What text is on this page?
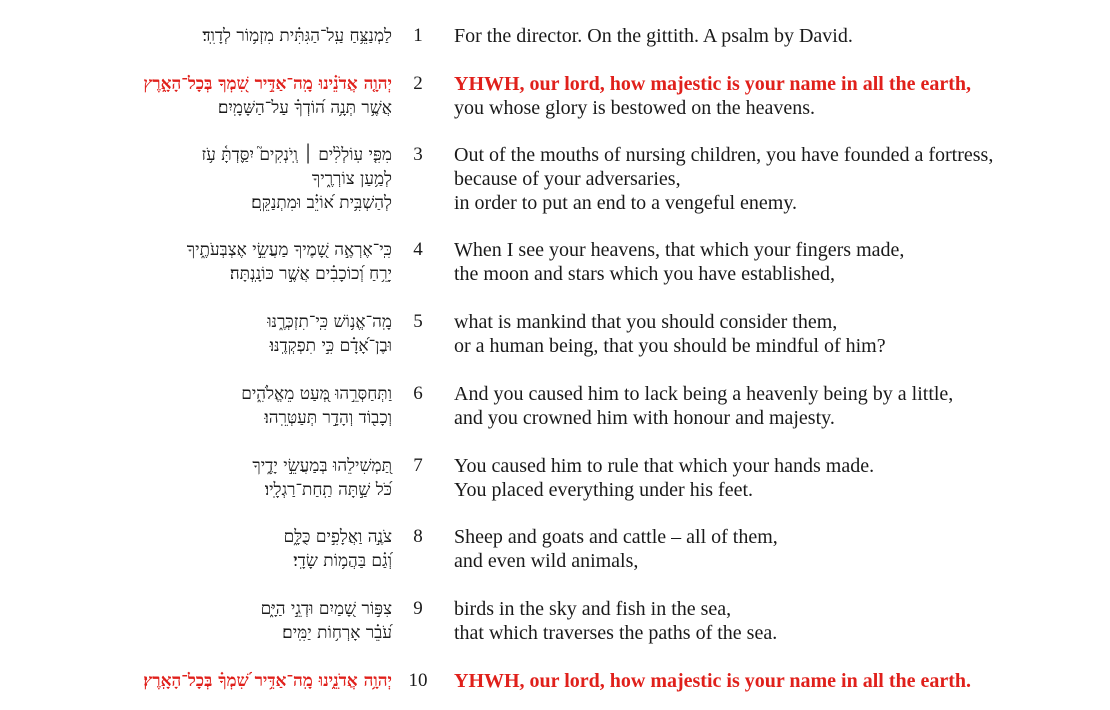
לַמְנַצֵּ֥חַ עַֽל־הַגִּתִּ֗ית מִזְמ֥וֹר לְדָוִֽד׃	1	For the director. On the gittith. A psalm by David.
יְהוָ֤ה אֲדֹנֵ֗ינוּ מָֽה־אַדִּ֣יר שִׁ֭מְךָ בְּכָל־הָאָ֑רֶץ
אֲשֶׁ֥ר תְּנָ֥ה ה֝וֹדְךָ֗ עַל־הַשָּׁמָֽיִם׃
2	YHWH, our lord, how majestic is your name in all the earth,
you whose glory is bestowed on the heavens.
מִפִּ֤י עֽוֹלְלִ֨ים ׀ וְֽיֹנְקִים֮ יִסַּ֪דְתָּ֫ עֹ֥ז
לְמַ֥עַן צוֹרְרֶ֑יךָ
לְהַשְׁבִּ֥ית א֝וֹיֵ֗ב וּמִתְנַקֵּֽם׃
3	Out of the mouths of nursing children, you have founded a fortress,
because of your adversaries,
in order to put an end to a vengeful enemy.
כִּֽי־אֶרְאֶ֣ה שָׁ֭מֶיךָ מַעֲשֵׂ֣י אֶצְבְּעֹתֶ֑יךָ
יָרֵ֥חַ וְ֝כוֹכָבִ֗ים אֲשֶׁ֣ר כּוֹנָֽנְתָּה׃
4	When I see your heavens, that which your fingers made,
the moon and stars which you have established,
מָֽה־אֱנ֥וֹשׁ כִּֽי־תִזְכְּרֶ֑נּוּ
וּבֶן־אָ֝דָ֗ם כִּ֣י תִפְקְדֶֽנּוּ׃
5	what is mankind that you should consider them,
or a human being, that you should be mindful of him?
וַתְּחַסְּרֵ֣הוּ מְּ֭עַט מֵאֱלֹהִ֑ים
וְכָב֖וֹד וְהָדָ֣ר תְּעַטְּרֵֽהוּ׃
6	And you caused him to lack being a heavenly being by a little,
and you crowned him with honour and majesty.
תַּ֭מְשִׁילֵהוּ בְּמַעֲשֵׂ֣י יָדֶ֑יךָ
כֹּ֝ל שַׁ֣תָּה תַֽחַת־רַגְלָֽיו׃
7	You caused him to rule that which your hands made.
You placed everything under his feet.
צֹנֶ֣ה וַאֲלָפִ֣ים כֻּלָּ֑ם
וְ֝גַ֗ם בַּהֲמ֥וֹת שָׂדָֽי׃
8	Sheep and goats and cattle – all of them,
and even wild animals,
צִפּ֣וֹר שָׁ֭מַיִם וּדְגֵ֣י הַיָּ֑ם
עֹ֝בֵ֗ר אָרְח֥וֹת יַמִּֽים׃
9	birds in the sky and fish in the sea,
that which traverses the paths of the sea.
יְהוָ֥ה אֲדֹנֵ֑ינוּ מָֽה־אַדִּ֥יר שִׁ֝מְךָ֗ בְּכָל־הָאָֽרֶץ׃ 10	YHWH, our lord, how majestic is your name in all the earth.
